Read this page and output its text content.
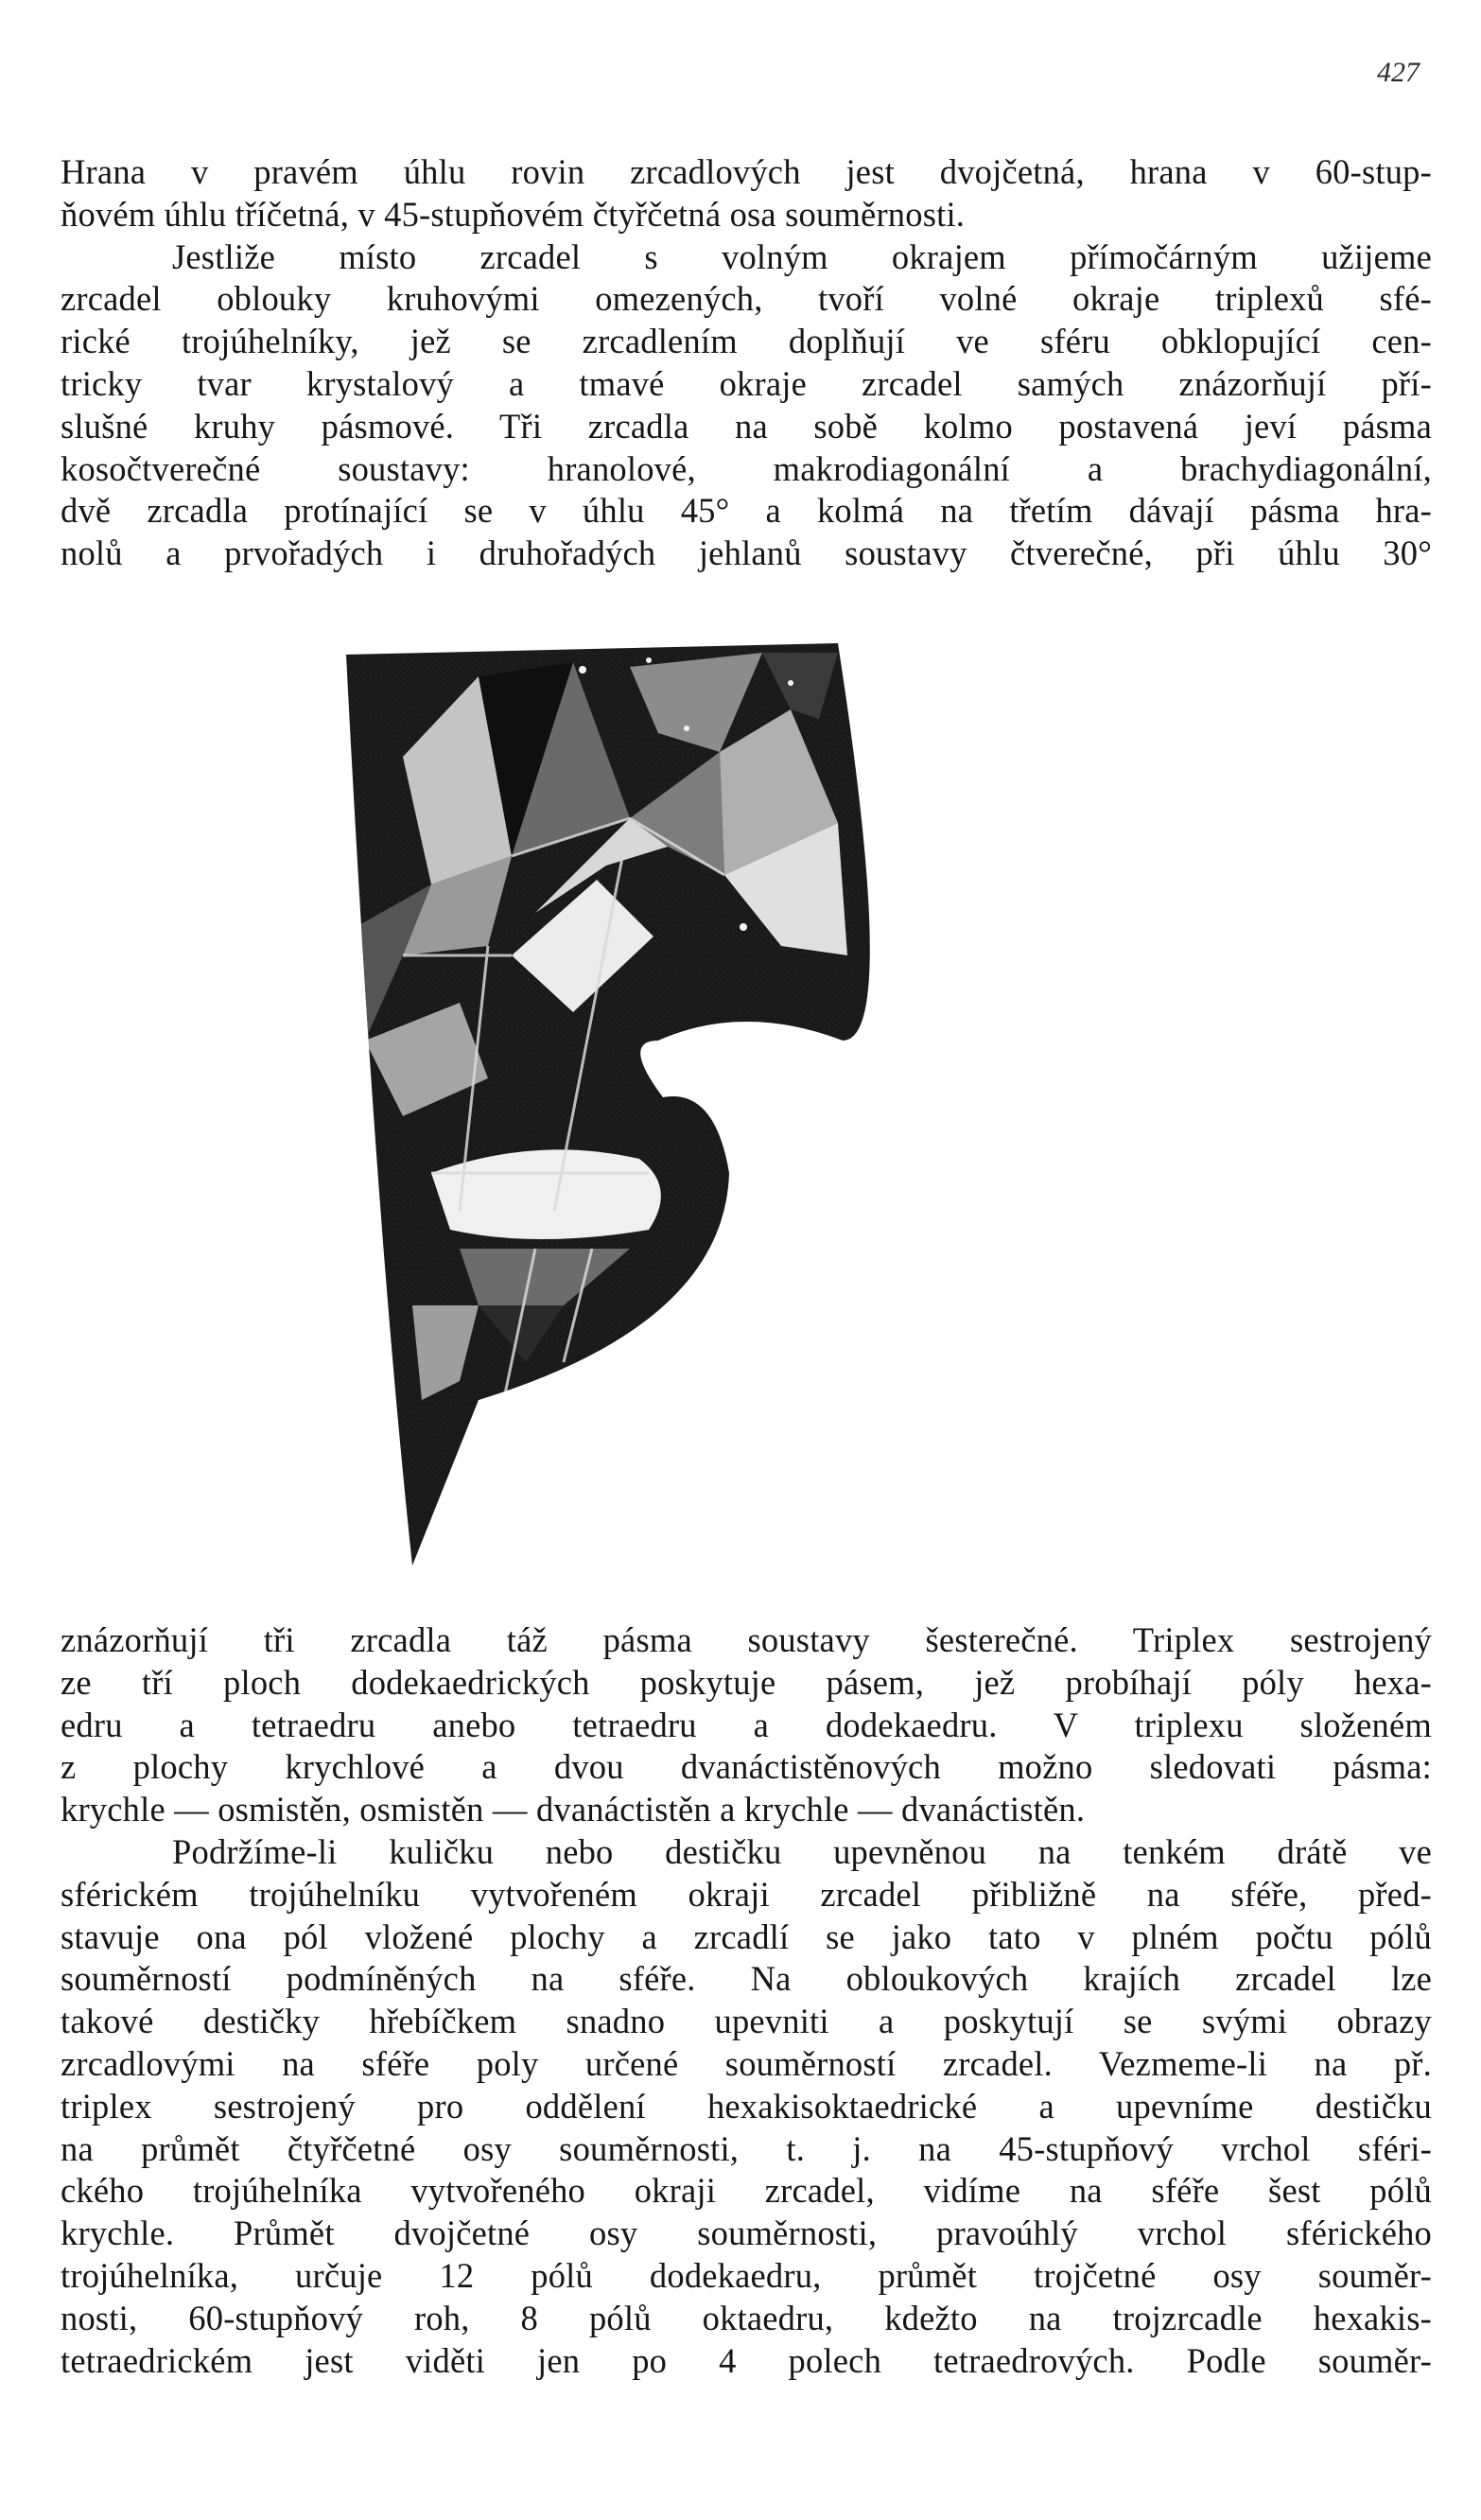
427
Hrana v pravém úhlu rovin zrcadlových jest dvojčetná, hrana v 60-stup-
ňovém úhlu tříčetná, v 45-stupňovém čtyřčetná osa souměrnosti.
Jestliže místo zrcadel s volným okrajem přímočárným užijeme
zrcadel oblouky kruhovými omezených, tvoří volné okraje triplexů sfé-
rické trojúhelníky, jež se zrcadlením doplňují ve sféru obklopující cen-
tricky tvar krystalový a tmavé okraje zrcadel samých znázorňují pří-
slušné kruhy pásmové. Tři zrcadla na sobě kolmo postavená jeví pásma
kosočtverečné soustavy: hranolové, makrodiagonální a brachydiagonální,
dvě zrcadla protínající se v úhlu 45° a kolmá na třetím dávají pásma hra-
nolů a prvořadých i druhořadých jehlanů soustavy čtverečné, při úhlu 30°
znázorňují tři zrcadla táž pásma soustavy šesterečné. Triplex sestrojený
ze tří ploch dodekaedrických poskytuje pásem, jež probíhají póly hexa-
edru a tetraedru anebo tetraedru a dodekaedru. V triplexu složeném
z plochy krychlové a dvou dvanáctistěnových možno sledovati pásma:
krychle — osmistěn, osmistěn — dvanáctistěn a krychle — dvanáctistěn.
Podržíme-li kuličku nebo destičku upevněnou na tenkém drátě ve
sférickém trojúhelníku vytvořeném okraji zrcadel přibližně na sféře, před-
stavuje ona pól vložené plochy a zrcadlí se jako tato v plném počtu pólů
souměrností podmíněných na sféře. Na obloukových krajích zrcadel lze
takové destičky hřebíčkem snadno upevniti a poskytují se svými obrazy
zrcadlovými na sféře poly určené souměrností zrcadel. Vezmeme-li na př.
triplex sestrojený pro oddělení hexakisoktaedrické a upevníme destičku
na průmět čtyřčetné osy souměrnosti, t. j. na 45-stupňový vrchol sféri-
ckého trojúhelníka vytvořeného okraji zrcadel, vidíme na sféře šest pólů
krychle. Průmět dvojčetné osy souměrnosti, pravoúhlý vrchol sférického
trojúhelníka, určuje 12 pólů dodekaedru, průmět trojčetné osy souměr-
nosti, 60-stupňový roh, 8 pólů oktaedru, kdežto na trojzrcadle hexakis-
tetraedrickém jest viděti jen po 4 polech tetraedrových. Podle souměr-
